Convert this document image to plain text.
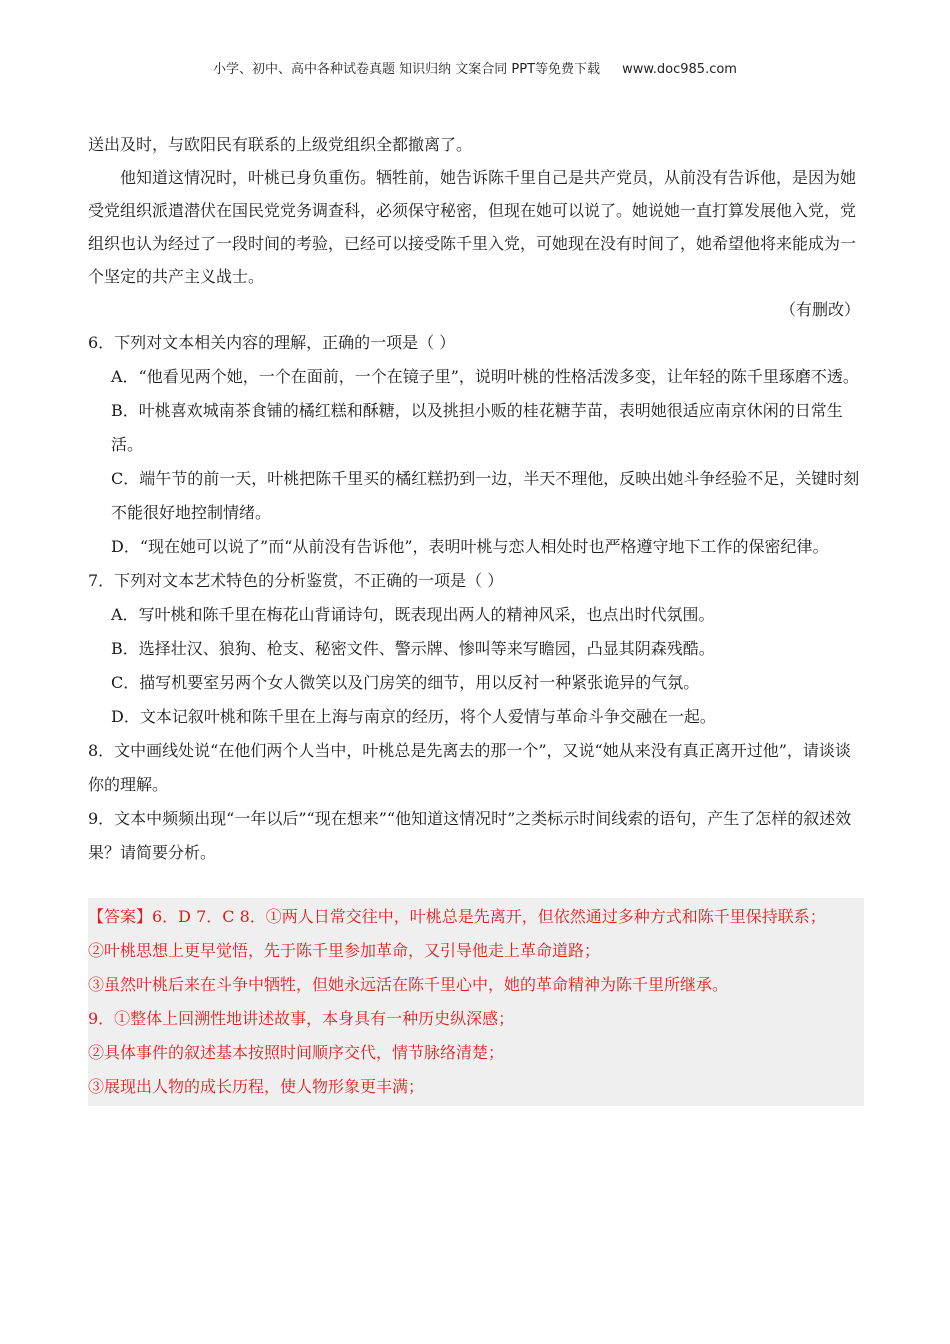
小学、初中、高中各种试卷真题 知识归纳 文案合同 PPT等免费下载 www.doc985.com

送出及时，与欧阳民有联系的上级党组织全都撤离了。

他知道这情况时，叶桃已身负重伤。牺牲前，她告诉陈千里自己是共产党员，从前没有告诉他，是因为她受党组织派遣潜伏在国民党党务调查科，必须保守秘密，但现在她可以说了。她说她一直打算发展他入党，党组织也认为经过了一段时间的考验，已经可以接受陈千里入党，可她现在没有时间了，她希望他将来能成为一个坚定的共产主义战士。

（有删改）

6．下列对文本相关内容的理解，正确的一项是（ ）

A．“他看见两个她，一个在面前，一个在镜子里”，说明叶桃的性格活泼多变，让年轻的陈千里琢磨不透。

B．叶桃喜欢城南茶食铺的橘红糕和酥糖，以及挑担小贩的桂花糖芋苗，表明她很适应南京休闲的日常生活。

C．端午节的前一天，叶桃把陈千里买的橘红糕扔到一边，半天不理他，反映出她斗争经验不足，关键时刻不能很好地控制情绪。

D．“现在她可以说了”而“从前没有告诉他”，表明叶桃与恋人相处时也严格遵守地下工作的保密纪律。

7．下列对文本艺术特色的分析鉴赏，不正确的一项是（ ）

A．写叶桃和陈千里在梅花山背诵诗句，既表现出两人的精神风采，也点出时代氛围。

B．选择壮汉、狼狗、枪支、秘密文件、警示牌、惨叫等来写瞻园，凸显其阴森残酷。

C．描写机要室另两个女人微笑以及门房笑的细节，用以反衬一种紧张诡异的气氛。

D．文本记叙叶桃和陈千里在上海与南京的经历，将个人爱情与革命斗争交融在一起。

8．文中画线处说“在他们两个人当中，叶桃总是先离去的那一个”，又说“她从来没有真正离开过他”，请谈谈你的理解。

9．文本中频频出现“一年以后”“现在想来”“他知道这情况时”之类标示时间线索的语句，产生了怎样的叙述效果？请简要分析。

【答案】6．D 7．C 8．①两人日常交往中，叶桃总是先离开，但依然通过多种方式和陈千里保持联系；

②叶桃思想上更早觉悟，先于陈千里参加革命，又引导他走上革命道路；

③虽然叶桃后来在斗争中牺牲，但她永远活在陈千里心中，她的革命精神为陈千里所继承。

9．①整体上回溯性地讲述故事，本身具有一种历史纵深感；

②具体事件的叙述基本按照时间顺序交代，情节脉络清楚；

③展现出人物的成长历程，使人物形象更丰满；
